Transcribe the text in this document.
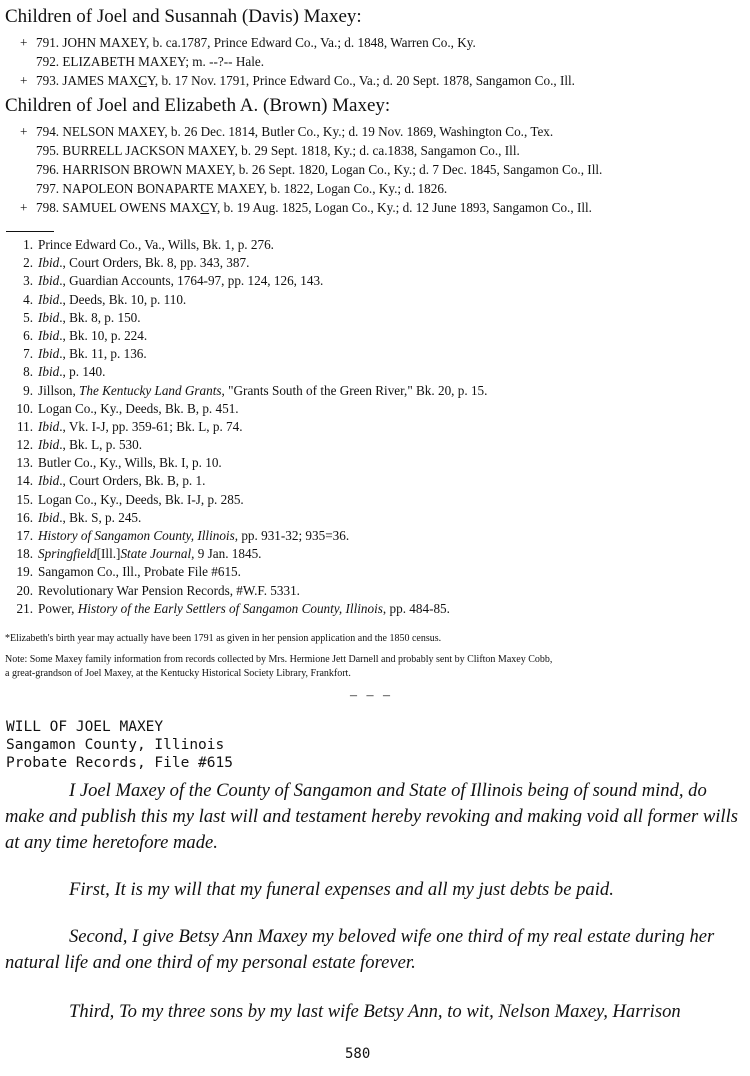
Children of Joel and Susannah (Davis) Maxey:
+ 791. JOHN MAXEY, b. ca.1787, Prince Edward Co., Va.; d. 1848, Warren Co., Ky.
792. ELIZABETH MAXEY; m. --?-- Hale.
+ 793. JAMES MAXCY, b. 17 Nov. 1791, Prince Edward Co., Va.; d. 20 Sept. 1878, Sangamon Co., Ill.
Children of Joel and Elizabeth A. (Brown) Maxey:
+ 794. NELSON MAXEY, b. 26 Dec. 1814, Butler Co., Ky.; d. 19 Nov. 1869, Washington Co., Tex.
795. BURRELL JACKSON MAXEY, b. 29 Sept. 1818, Ky.; d. ca.1838, Sangamon Co., Ill.
796. HARRISON BROWN MAXEY, b. 26 Sept. 1820, Logan Co., Ky.; d. 7 Dec. 1845, Sangamon Co., Ill.
797. NAPOLEON BONAPARTE MAXEY, b. 1822, Logan Co., Ky.; d. 1826.
+ 798. SAMUEL OWENS MAXCY, b. 19 Aug. 1825, Logan Co., Ky.; d. 12 June 1893, Sangamon Co., Ill.
1. Prince Edward Co., Va., Wills, Bk. 1, p. 276.
2. Ibid., Court Orders, Bk. 8, pp. 343, 387.
3. Ibid., Guardian Accounts, 1764-97, pp. 124, 126, 143.
4. Ibid., Deeds, Bk. 10, p. 110.
5. Ibid., Bk. 8, p. 150.
6. Ibid., Bk. 10, p. 224.
7. Ibid., Bk. 11, p. 136.
8. Ibid., p. 140.
9. Jillson, The Kentucky Land Grants, "Grants South of the Green River," Bk. 20, p. 15.
10. Logan Co., Ky., Deeds, Bk. B, p. 451.
11. Ibid., Vk. I-J, pp. 359-61; Bk. L, p. 74.
12. Ibid., Bk. L, p. 530.
13. Butler Co., Ky., Wills, Bk. I, p. 10.
14. Ibid., Court Orders, Bk. B, p. 1.
15. Logan Co., Ky., Deeds, Bk. I-J, p. 285.
16. Ibid., Bk. S, p. 245.
17. History of Sangamon County, Illinois, pp. 931-32; 935=36.
18. Springfield[Ill.]State Journal, 9 Jan. 1845.
19. Sangamon Co., Ill., Probate File #615.
20. Revolutionary War Pension Records, #W.F. 5331.
21. Power, History of the Early Settlers of Sangamon County, Illinois, pp. 484-85.
*Elizabeth's birth year may actually have been 1791 as given in her pension application and the 1850 census.
Note: Some Maxey family information from records collected by Mrs. Hermione Jett Darnell and probably sent by Clifton Maxey Cobb,
a great-grandson of Joel Maxey, at the Kentucky Historical Society Library, Frankfort.
– – –
WILL OF JOEL MAXEY
Sangamon County, Illinois
Probate Records, File #615

I Joel Maxey of the County of Sangamon and State of Illinois being of sound mind, do make and publish this my last will and testament hereby revoking and making void all former wills at any time heretofore made.

First, It is my will that my funeral expenses and all my just debts be paid.

Second, I give Betsy Ann Maxey my beloved wife one third of my real estate during her natural life and one third of my personal estate forever.

Third, To my three sons by my last wife Betsy Ann, to wit, Nelson Maxey, Harrison

580
